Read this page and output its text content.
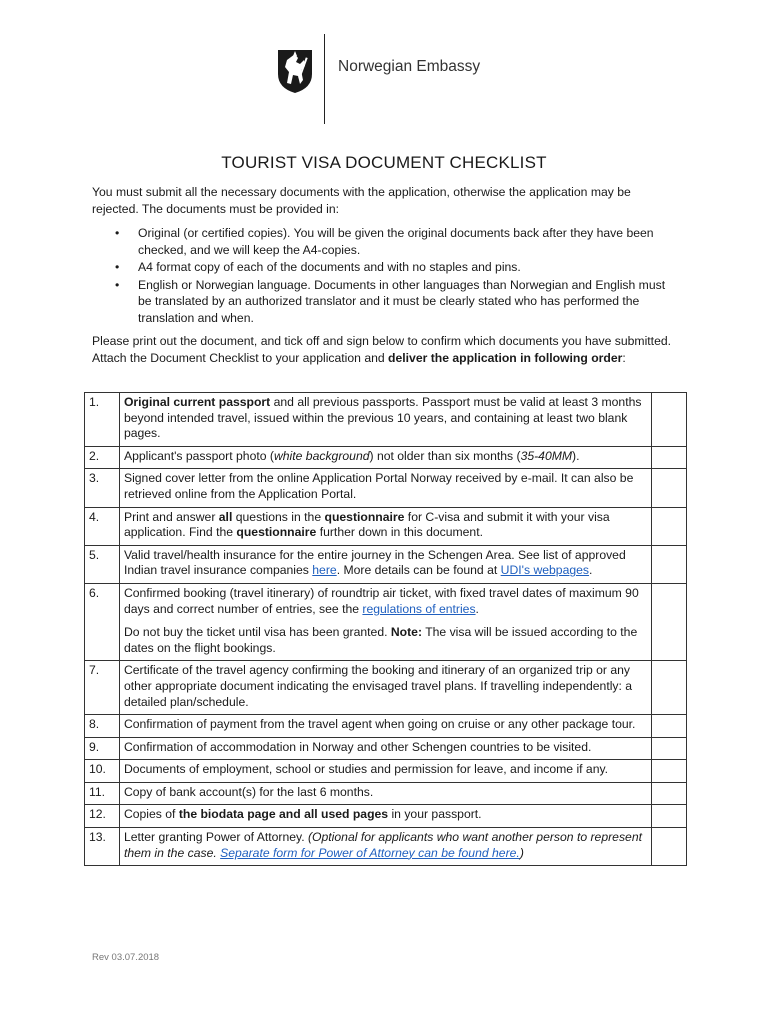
Norwegian Embassy
TOURIST VISA DOCUMENT CHECKLIST
You must submit all the necessary documents with the application, otherwise the application may be rejected. The documents must be provided in:
• Original (or certified copies). You will be given the original documents back after they have been checked, and we will keep the A4-copies.
• A4 format copy of each of the documents and with no staples and pins.
• English or Norwegian language. Documents in other languages than Norwegian and English must be translated by an authorized translator and it must be clearly stated who has performed the translation and when.
Please print out the document, and tick off and sign below to confirm which documents you have submitted. Attach the Document Checklist to your application and deliver the application in following order:
1.	Original current passport and all previous passports. Passport must be valid at least 3 months beyond intended travel, issued within the previous 10 years, and containing at least two blank pages.	
2.	Applicant's passport photo (white background) not older than six months (35-40MM).	
3.	Signed cover letter from the online Application Portal Norway received by e-mail. It can also be retrieved online from the Application Portal.	
4.	Print and answer all questions in the questionnaire for C-visa and submit it with your visa application. Find the questionnaire further down in this document.	
5.	Valid travel/health insurance for the entire journey in the Schengen Area. See list of approved Indian travel insurance companies here. More details can be found at UDI's webpages.	
6.	Confirmed booking (travel itinerary) of roundtrip air ticket, with fixed travel dates of maximum 90 days and correct number of entries, see the regulations of entries.
Do not buy the ticket until visa has been granted. Note: The visa will be issued according to the dates on the flight bookings.	
7.	Certificate of the travel agency confirming the booking and itinerary of an organized trip or any other appropriate document indicating the envisaged travel plans. If travelling independently: a detailed plan/schedule.	
8.	Confirmation of payment from the travel agent when going on cruise or any other package tour.	
9.	Confirmation of accommodation in Norway and other Schengen countries to be visited.	
10.	Documents of employment, school or studies and permission for leave, and income if any.	
11.	Copy of bank account(s) for the last 6 months.	
12.	Copies of the biodata page and all used pages in your passport.	
13.	Letter granting Power of Attorney. (Optional for applicants who want another person to represent them in the case. Separate form for Power of Attorney can be found here.)	
Rev 03.07.2018
